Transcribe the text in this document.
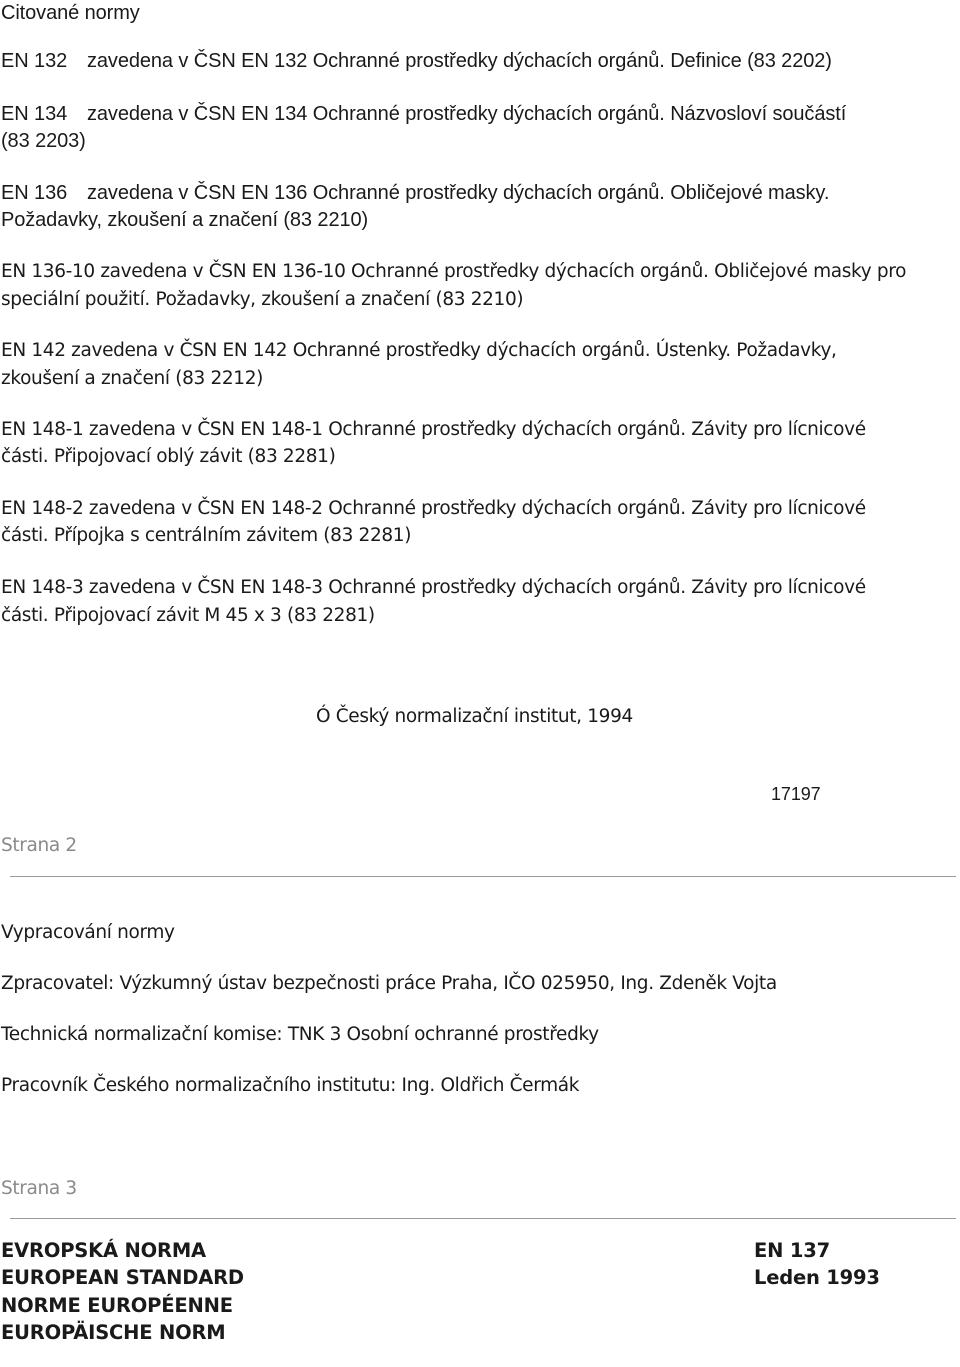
Citované normy

EN 132 zavedena v ČSN EN 132 Ochranné prostředky dýchacích orgánů. Definice (83 2202)

EN 134 zavedena v ČSN EN 134 Ochranné prostředky dýchacích orgánů. Názvosloví součástí

(83 2203)

EN 136 zavedena v ČSN EN 136 Ochranné prostředky dýchacích orgánů. Obličejové masky.

Požadavky, zkoušení a značení (83 2210)

EN 136-10 zavedena v ČSN EN 136-10 Ochranné prostředky dýchacích orgánů. Obličejové masky pro

speciální použití. Požadavky, zkoušení a značení (83 2210)

EN 142 zavedena v ČSN EN 142 Ochranné prostředky dýchacích orgánů. Ústenky. Požadavky,

zkoušení a značení (83 2212)

EN 148-1 zavedena v ČSN EN 148-1 Ochranné prostředky dýchacích orgánů. Závity pro lícnicové

části. Připojovací oblý závit (83 2281)

EN 148-2 zavedena v ČSN EN 148-2 Ochranné prostředky dýchacích orgánů. Závity pro lícnicové

části. Přípojka s centrálním závitem (83 2281)

EN 148-3 zavedena v ČSN EN 148-3 Ochranné prostředky dýchacích orgánů. Závity pro lícnicové

části. Připojovací závit M 45 x 3 (83 2281)

Ó Český normalizační institut, 1994

17197

Strana 2

Vypracování normy

Zpracovatel: Výzkumný ústav bezpečnosti práce Praha, IČO 025950, Ing. Zdeněk Vojta

Technická normalizační komise: TNK 3 Osobní ochranné prostředky

Pracovník Českého normalizačního institutu: Ing. Oldřich Čermák

Strana 3

EVROPSKÁ NORMA

EUROPEAN STANDARD

NORME EUROPÉENNE

EUROPÄISCHE NORM

EN 137

Leden 1993
